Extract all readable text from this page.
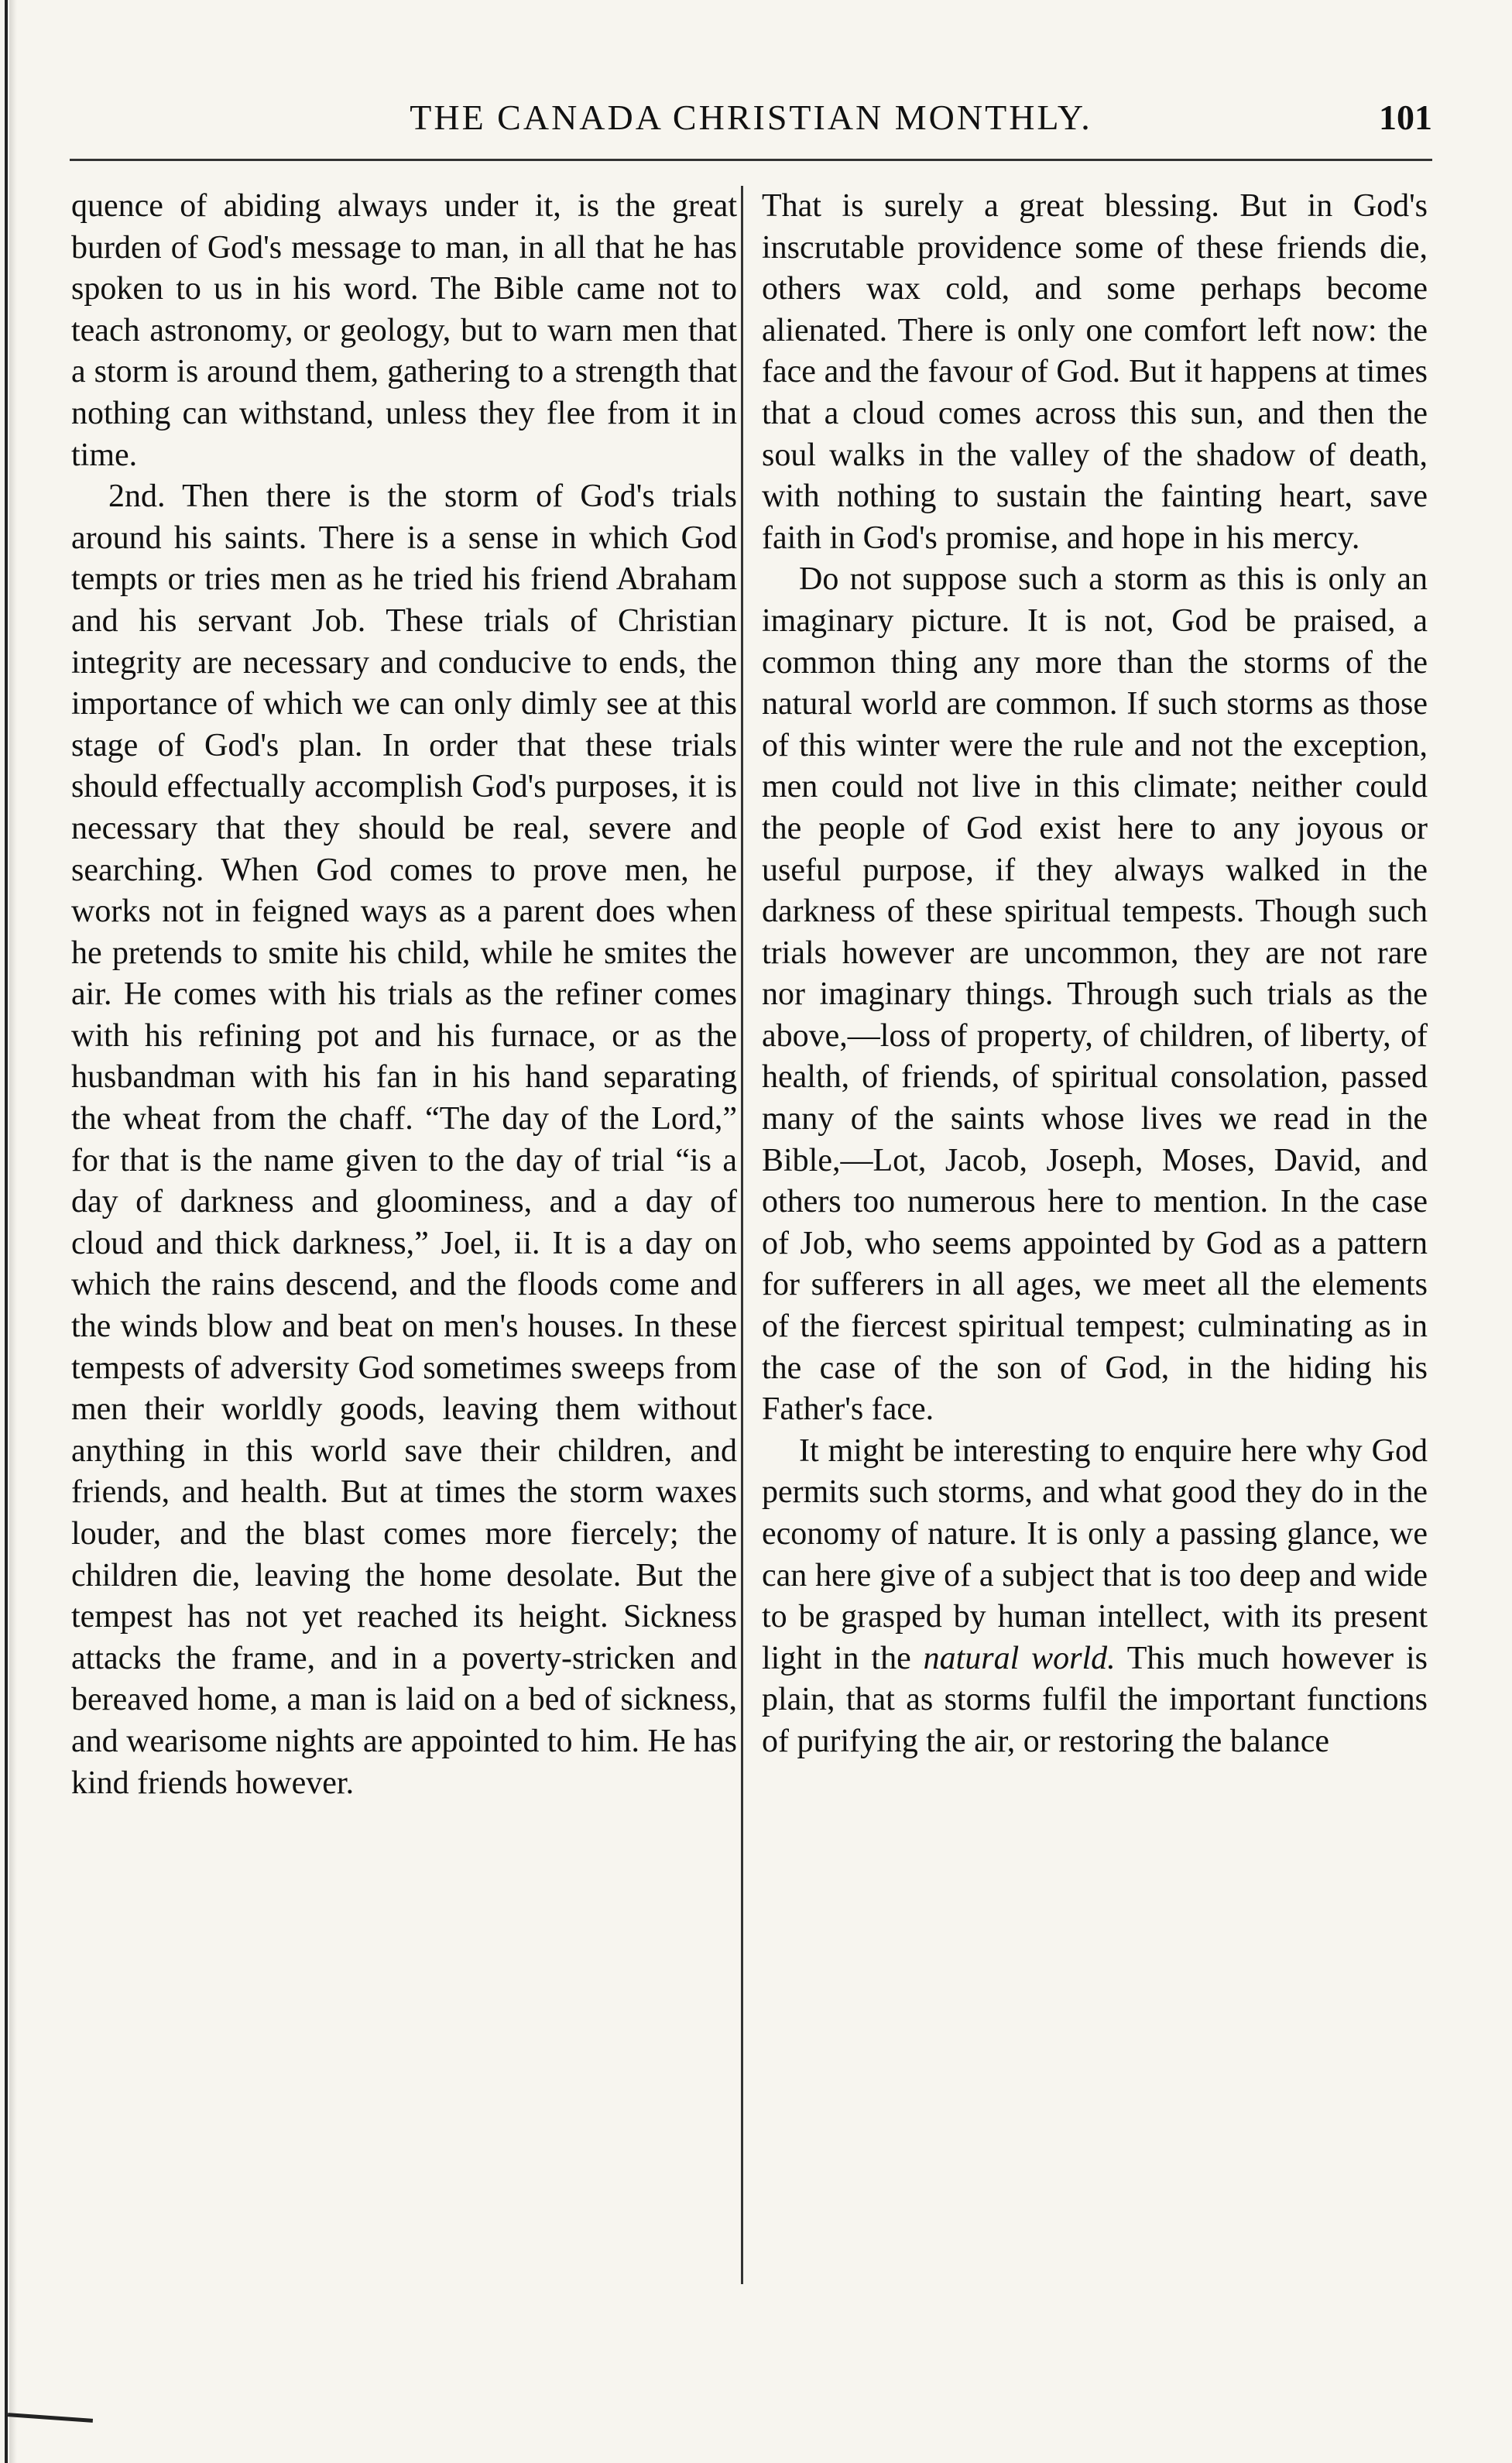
THE CANADA CHRISTIAN MONTHLY.	101

quence of abiding always under it, is the great burden of God's message to man, in all that he has spoken to us in his word. The Bible came not to teach astronomy, or geology, but to warn men that a storm is around them, gathering to a strength that nothing can withstand, unless they flee from it in time.

2nd. Then there is the storm of God's trials around his saints. There is a sense in which God tempts or tries men as he tried his friend Abraham and his servant Job. These trials of Christian integrity are necessary and conducive to ends, the importance of which we can only dimly see at this stage of God's plan. In order that these trials should effectually accomplish God's purposes, it is necessary that they should be real, severe and searching. When God comes to prove men, he works not in feigned ways as a parent does when he pretends to smite his child, while he smites the air. He comes with his trials as the refiner comes with his refining pot and his furnace, or as the husbandman with his fan in his hand separating the wheat from the chaff. “The day of the Lord,” for that is the name given to the day of trial “is a day of darkness and gloominess, and a day of cloud and thick darkness,” Joel, ii. It is a day on which the rains descend, and the floods come and the winds blow and beat on men's houses. In these tempests of adversity God sometimes sweeps from men their worldly goods, leaving them without anything in this world save their children, and friends, and health. But at times the storm waxes louder, and the blast comes more fiercely; the children die, leaving the home desolate. But the tempest has not yet reached its height. Sickness attacks the frame, and in a poverty-stricken and bereaved home, a man is laid on a bed of sickness, and wearisome nights are appointed to him. He has kind friends however.

That is surely a great blessing. But in God's inscrutable providence some of these friends die, others wax cold, and some perhaps become alienated. There is only one comfort left now: the face and the favour of God. But it happens at times that a cloud comes across this sun, and then the soul walks in the valley of the shadow of death, with nothing to sustain the fainting heart, save faith in God's promise, and hope in his mercy.

Do not suppose such a storm as this is only an imaginary picture. It is not, God be praised, a common thing any more than the storms of the natural world are common. If such storms as those of this winter were the rule and not the exception, men could not live in this climate; neither could the people of God exist here to any joyous or useful purpose, if they always walked in the darkness of these spiritual tempests. Though such trials however are uncommon, they are not rare nor imaginary things. Through such trials as the above,—loss of property, of children, of liberty, of health, of friends, of spiritual consolation, passed many of the saints whose lives we read in the Bible,—Lot, Jacob, Joseph, Moses, David, and others too numerous here to mention. In the case of Job, who seems appointed by God as a pattern for sufferers in all ages, we meet all the elements of the fiercest spiritual tempest; culminating as in the case of the son of God, in the hiding his Father's face.

It might be interesting to enquire here why God permits such storms, and what good they do in the economy of nature. It is only a passing glance, we can here give of a subject that is too deep and wide to be grasped by human intellect, with its present light in the natural world. This much however is plain, that as storms fulfil the important functions of purifying the air, or restoring the balance
